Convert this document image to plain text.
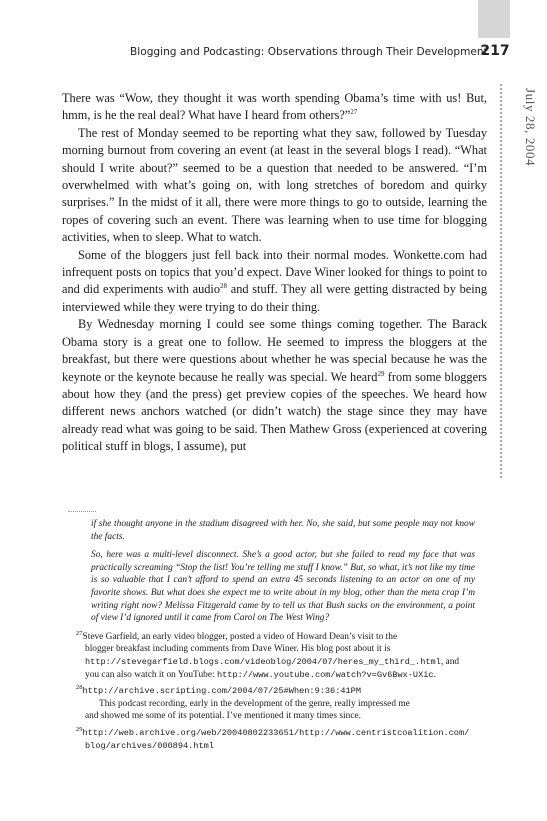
Blogging and Podcasting: Observations through Their Development
217
July 28, 2004

There was “Wow, they thought it was worth spending Obama’s time with us! But, hmm, is he the real deal? What have I heard from others?”$^{27}$

The rest of Monday seemed to be reporting what they saw, followed by Tuesday morning burnout from covering an event (at least in the several blogs I read). “What should I write about?” seemed to be a question that needed to be answered. “I’m overwhelmed with what’s going on, with long stretches of boredom and quirky surprises.” In the midst of it all, there were more things to go to outside, learning the ropes of covering such an event. There was learning when to use time for blogging activities, when to sleep. What to watch.

Some of the bloggers just fell back into their normal modes. Wonkette.com had infrequent posts on topics that you’d expect. Dave Winer looked for things to point to and did experiments with audio$^{28}$ and stuff. They all were getting distracted by being interviewed while they were trying to do their thing.

By Wednesday morning I could see some things coming together. The Barack Obama story is a great one to follow. He seemed to impress the bloggers at the breakfast, but there were questions about whether he was special because he was the keynote or the keynote because he really was special. We heard$^{29}$ from some bloggers about how they (and the press) get preview copies of the speeches. We heard how different news anchors watched (or didn’t watch) the stage since they may have already read what was going to be said. Then Mathew Gross (experienced at covering political stuff in blogs, I assume), put

if she thought anyone in the stadium disagreed with her. No, she said, but some people may not know the facts.

So, here was a multi-level disconnect. She’s a good actor, but she failed to read my face that was practically screaming “Stop the list! You’re telling me stuff I know.” But, so what, it’s not like my time is so valuable that I can’t afford to spend an extra 45 seconds listening to an actor on one of my favorite shows. But what does she expect me to write about in my blog, other than the meta crap I’m writing right now? Melissa Fitzgerald came by to tell us that Bush sucks on the environment, a point of view I’d ignored until it came from Carol on The West Wing?

$^{27}$Steve Garfield, an early video blogger, posted a video of Howard Dean’s visit to the
blogger breakfast including comments from Dave Winer. His blog post about it is
http://stevegarfield.blogs.com/videoblog/2004/07/heres_my_third_.html, and
you can also watch it on YouTube: http://www.youtube.com/watch?v=Gv6Bwx-UXic.
$^{28}$http://archive.scripting.com/2004/07/25#When:9:36:41PM
This podcast recording, early in the development of the genre, really impressed me
and showed me some of its potential. I’ve mentioned it many times since.
$^{29}$http://web.archive.org/web/20040802233651/http://www.centristcoalition.com/
blog/archives/000894.html
